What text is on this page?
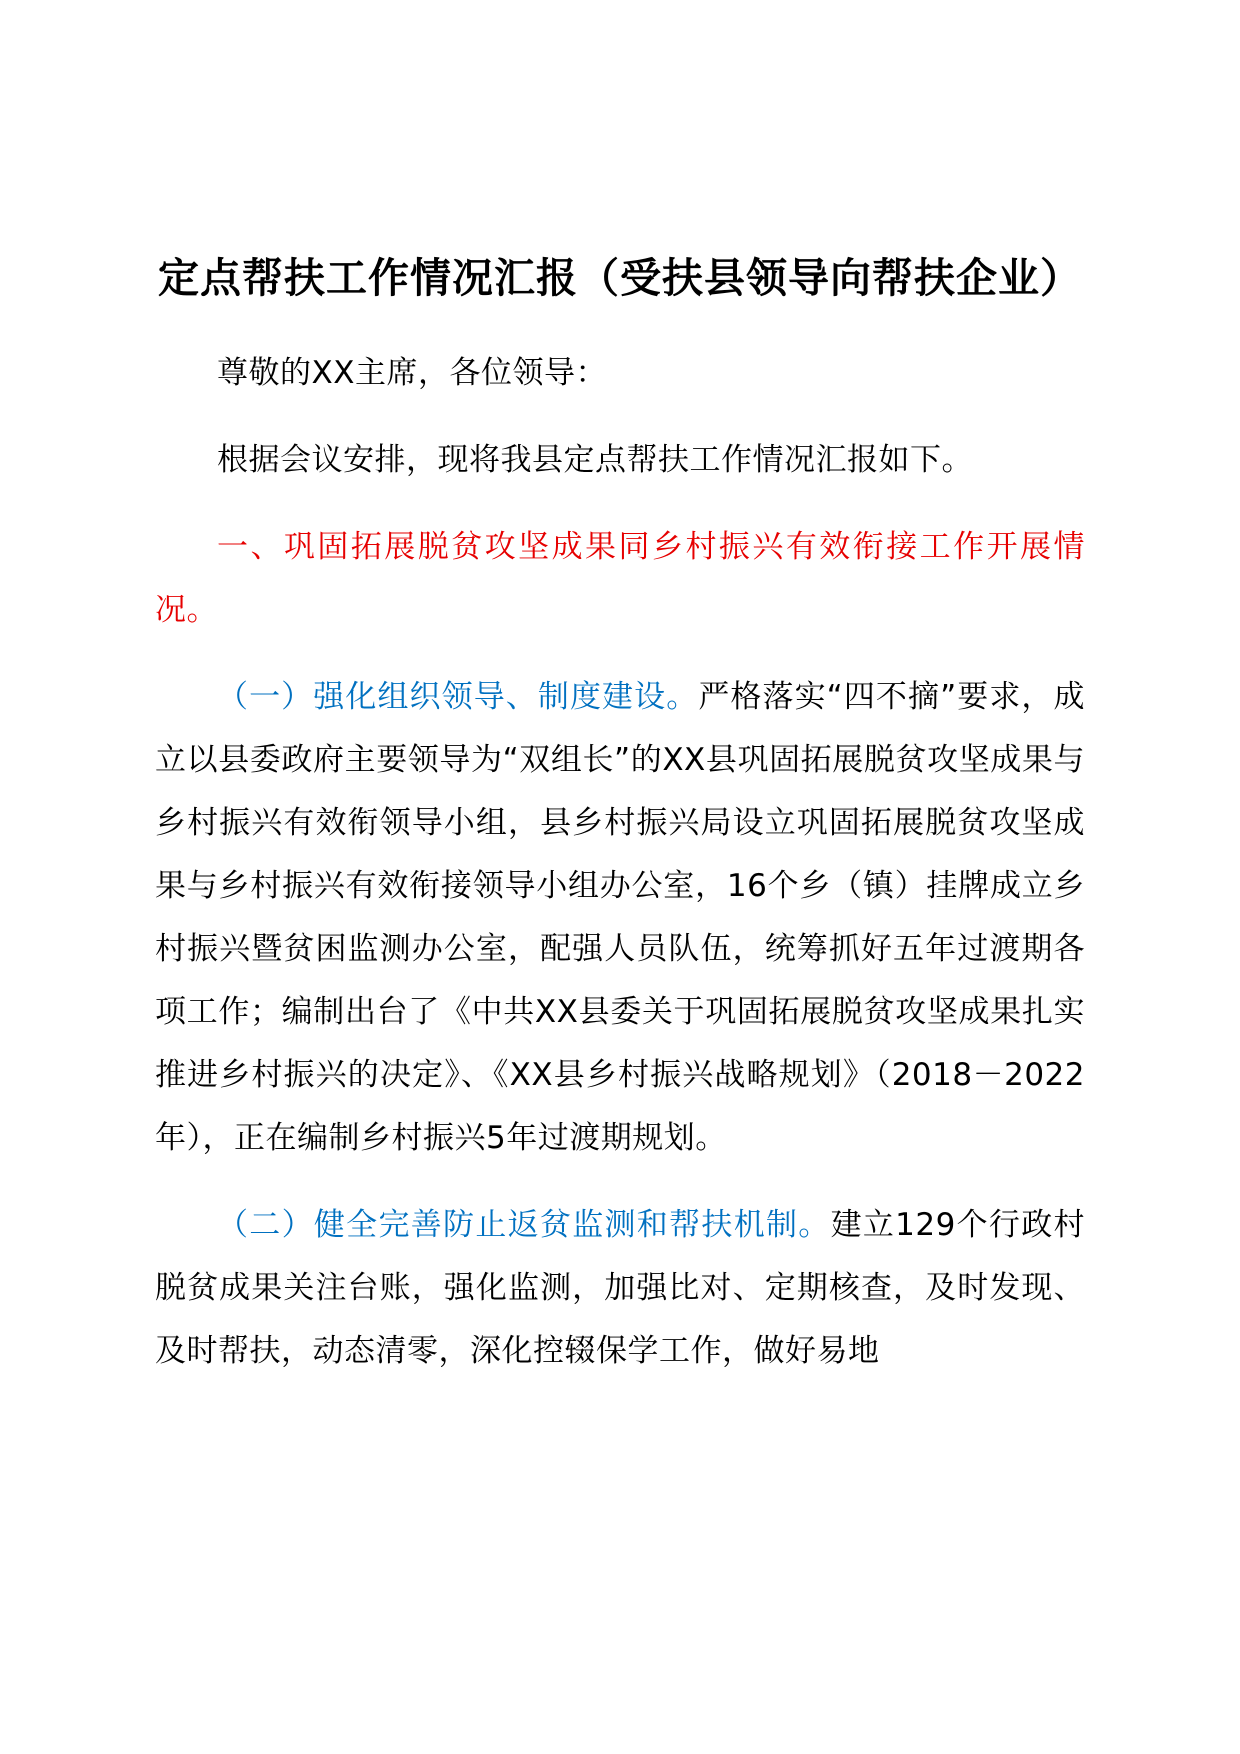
定点帮扶工作情况汇报（受扶县领导向帮扶企业）

尊敬的XX主席，各位领导：

根据会议安排，现将我县定点帮扶工作情况汇报如下。

一、巩固拓展脱贫攻坚成果同乡村振兴有效衔接工作开展情况。

（一）强化组织领导、制度建设。严格落实“四不摘”要求，成立以县委政府主要领导为“双组长”的XX县巩固拓展脱贫攻坚成果与乡村振兴有效衔领导小组，县乡村振兴局设立巩固拓展脱贫攻坚成果与乡村振兴有效衔接领导小组办公室，16个乡（镇）挂牌成立乡村振兴暨贫困监测办公室，配强人员队伍，统筹抓好五年过渡期各项工作；编制出台了《中共XX县委关于巩固拓展脱贫攻坚成果扎实推进乡村振兴的决定》、《XX县乡村振兴战略规划》（2018－2022年），正在编制乡村振兴5年过渡期规划。

（二）健全完善防止返贫监测和帮扶机制。建立129个行政村脱贫成果关注台账，强化监测，加强比对、定期核查，及时发现、及时帮扶，动态清零，深化控辍保学工作，做好易地
